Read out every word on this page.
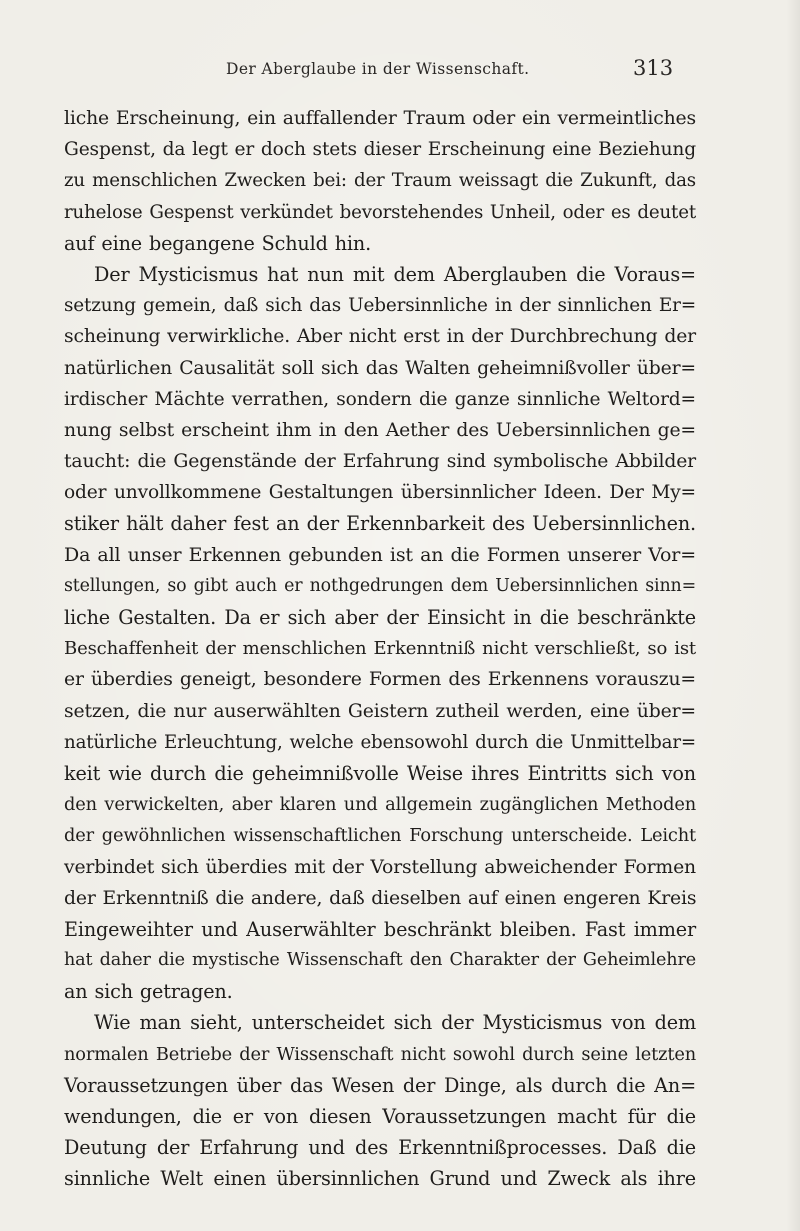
Der Aberglaube in der Wissenschaft.	313
liche Erscheinung, ein auffallender Traum oder ein vermeintliches
Gespenst, da legt er doch stets dieser Erscheinung eine Beziehung
zu menschlichen Zwecken bei: der Traum weissagt die Zukunft, das
ruhelose Gespenst verkündet bevorstehendes Unheil, oder es deutet
auf eine begangene Schuld hin.
Der Mysticismus hat nun mit dem Aberglauben die Voraus=
setzung gemein, daß sich das Uebersinnliche in der sinnlichen Er=
scheinung verwirkliche. Aber nicht erst in der Durchbrechung der
natürlichen Causalität soll sich das Walten geheimnißvoller über=
irdischer Mächte verrathen, sondern die ganze sinnliche Weltord=
nung selbst erscheint ihm in den Aether des Uebersinnlichen ge=
taucht: die Gegenstände der Erfahrung sind symbolische Abbilder
oder unvollkommene Gestaltungen übersinnlicher Ideen. Der My=
stiker hält daher fest an der Erkennbarkeit des Uebersinnlichen.
Da all unser Erkennen gebunden ist an die Formen unserer Vor=
stellungen, so gibt auch er nothgedrungen dem Uebersinnlichen sinn=
liche Gestalten. Da er sich aber der Einsicht in die beschränkte
Beschaffenheit der menschlichen Erkenntniß nicht verschließt, so ist
er überdies geneigt, besondere Formen des Erkennens vorauszu=
setzen, die nur auserwählten Geistern zutheil werden, eine über=
natürliche Erleuchtung, welche ebensowohl durch die Unmittelbar=
keit wie durch die geheimnißvolle Weise ihres Eintritts sich von
den verwickelten, aber klaren und allgemein zugänglichen Methoden
der gewöhnlichen wissenschaftlichen Forschung unterscheide. Leicht
verbindet sich überdies mit der Vorstellung abweichender Formen
der Erkenntniß die andere, daß dieselben auf einen engeren Kreis
Eingeweihter und Auserwählter beschränkt bleiben. Fast immer
hat daher die mystische Wissenschaft den Charakter der Geheimlehre
an sich getragen.
Wie man sieht, unterscheidet sich der Mysticismus von dem
normalen Betriebe der Wissenschaft nicht sowohl durch seine letzten
Voraussetzungen über das Wesen der Dinge, als durch die An=
wendungen, die er von diesen Voraussetzungen macht für die
Deutung der Erfahrung und des Erkenntnißprocesses. Daß die
sinnliche Welt einen übersinnlichen Grund und Zweck als ihre
